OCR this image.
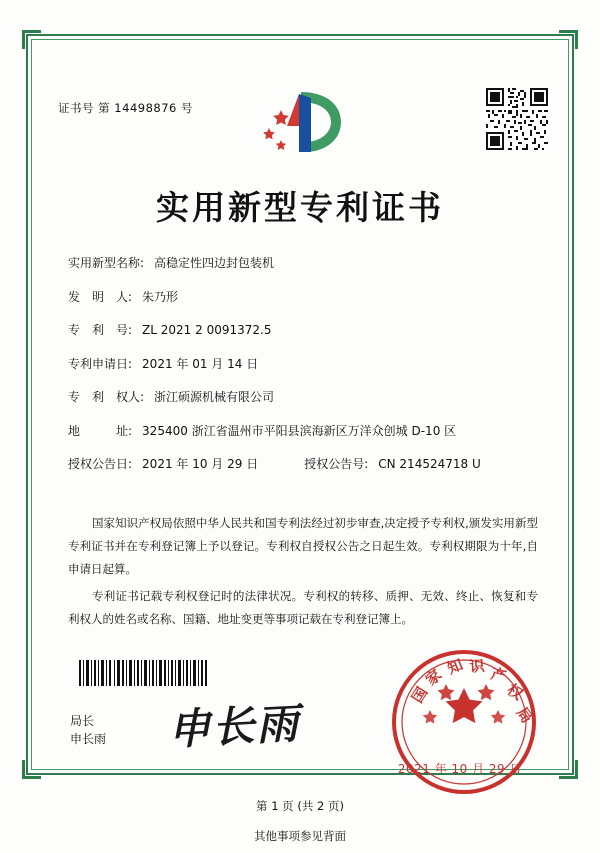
证书号 第 14498876 号
实用新型专利证书
实用新型名称: 高稳定性四边封包装机
发　明　人: 朱乃形
专　利　号: ZL 2021 2 0091372.5
专利申请日: 2021 年 01 月 14 日
专　利　权人: 浙江硕源机械有限公司
地　　　址: 325400 浙江省温州市平阳县滨海新区万洋众创城 D-10 区
授权公告日: 2021 年 10 月 29 日	授权公告号: CN 214524718 U

国家知识产权局依照中华人民共和国专利法经过初步审查,决定授予专利权,颁发实用新型专利证书并在专利登记簿上予以登记。专利权自授权公告之日起生效。专利权期限为十年,自申请日起算。

专利证书记载专利权登记时的法律状况。专利权的转移、质押、无效、终止、恢复和专利权人的姓名或名称、国籍、地址变更等事项记载在专利登记簿上。

局长
申长雨 申长雨
国
家 知 识 产
权
局
2021 年 10 月 29 日
第 1 页 (共 2 页)
其他事项参见背面
